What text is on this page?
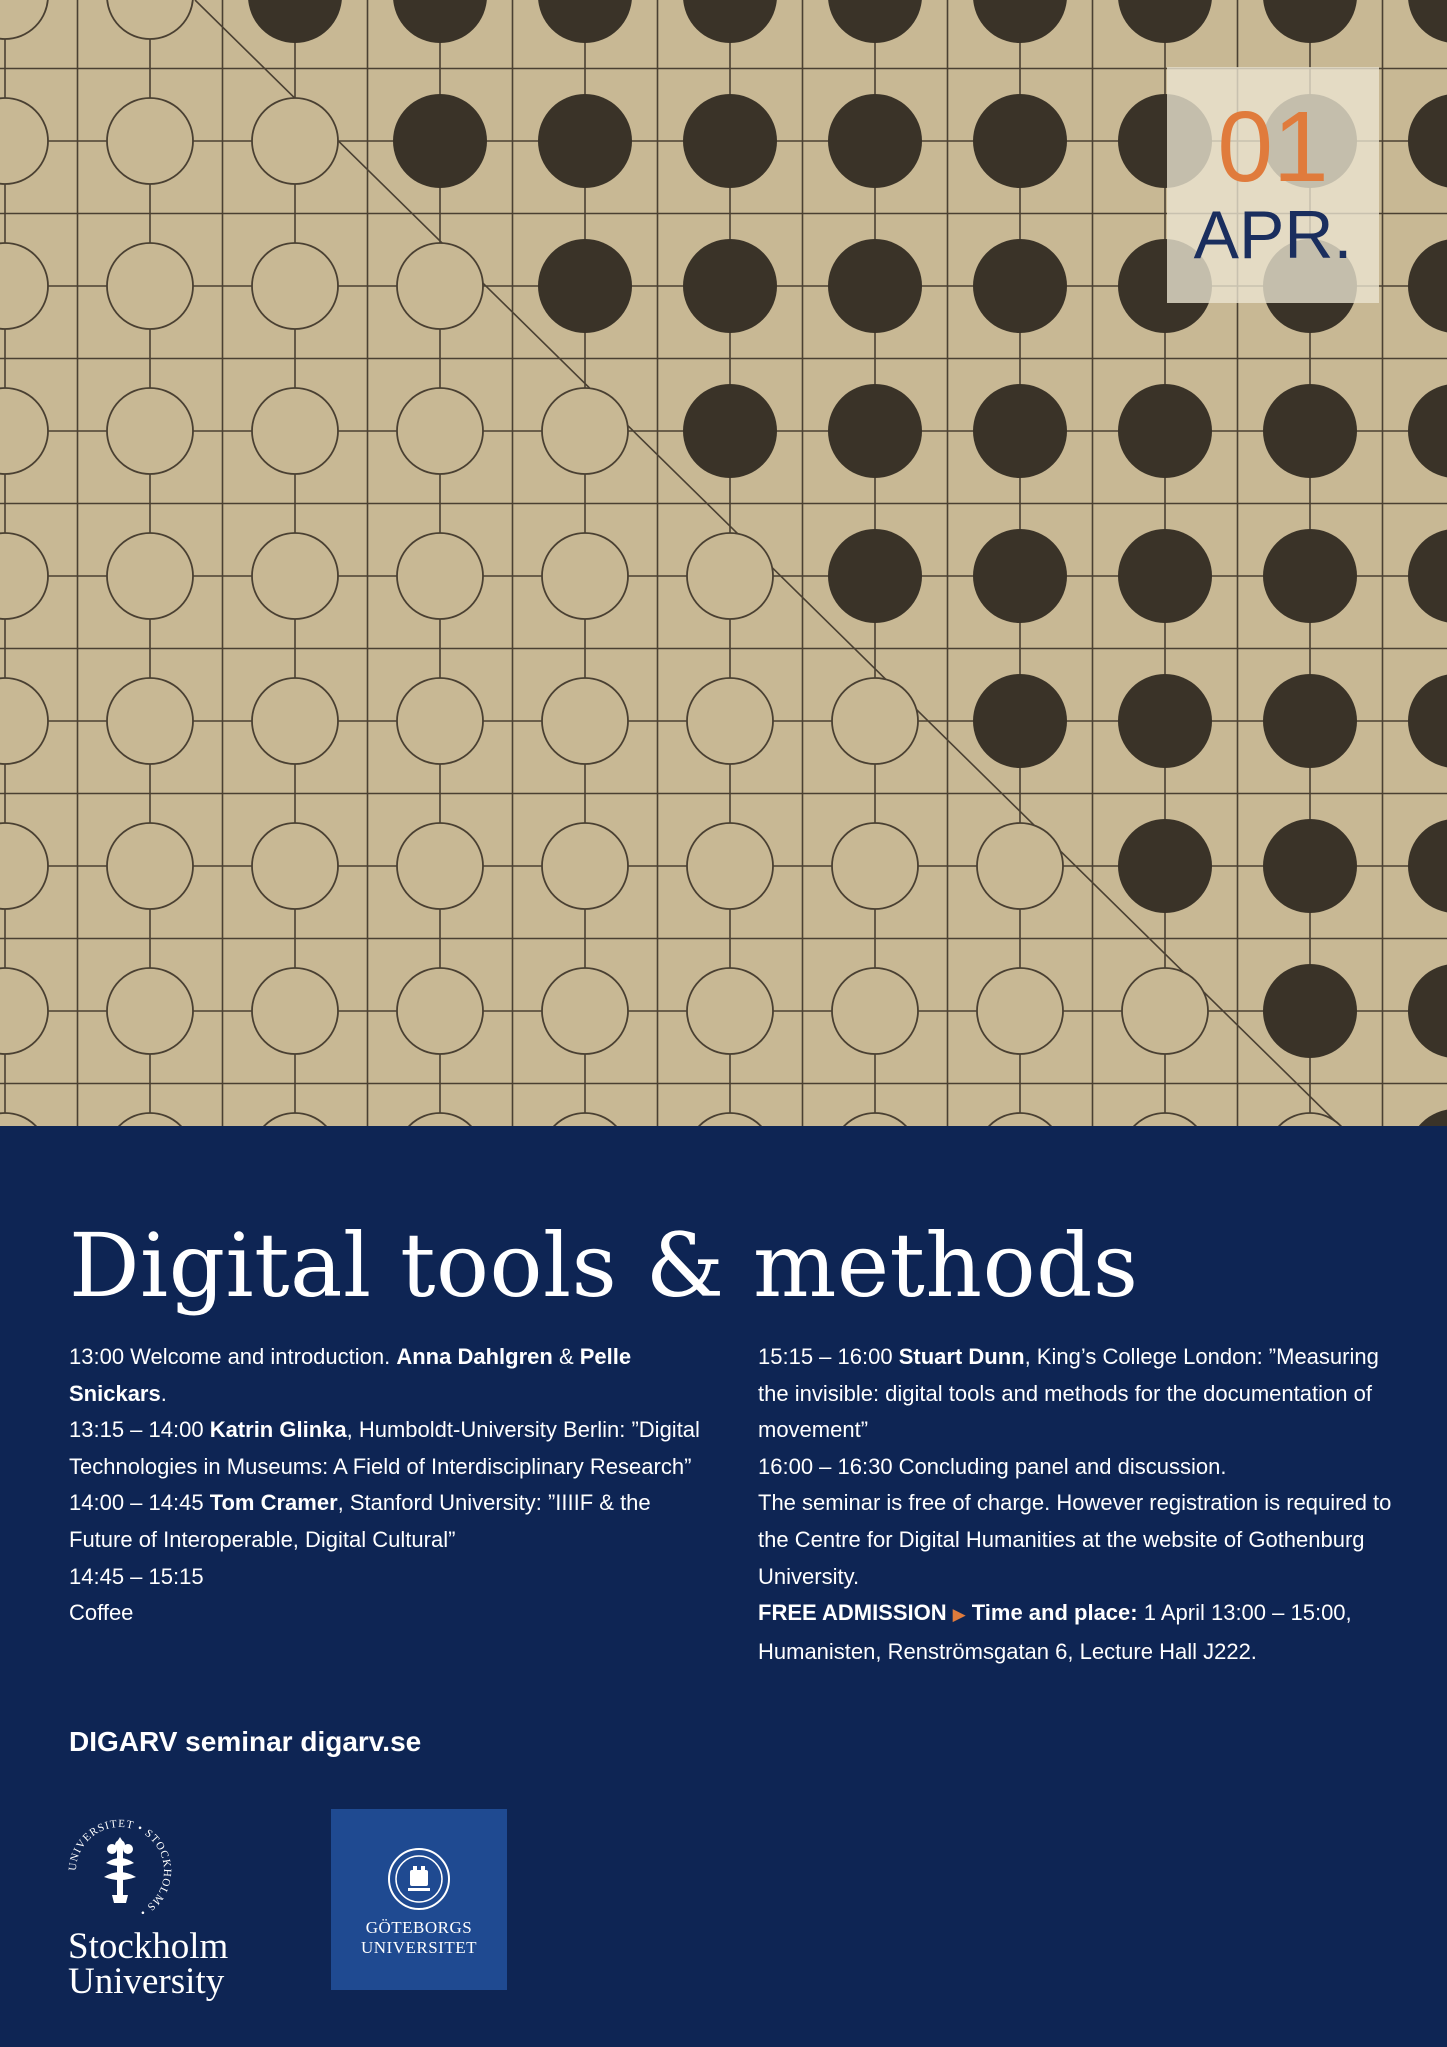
01
APR.
Digital tools & methods

13:00 Welcome and introduction. Anna Dahlgren & Pelle Snickars.

13:15 – 14:00 Katrin Glinka, Humboldt-University Berlin: ”Digital Technologies in Museums: A Field of Interdisciplinary Research”

14:00 – 14:45 Tom Cramer, Stanford University: ”IIIIF & the Future of Interoperable, Digital Cultural”

14:45 – 15:15

Coffee

15:15 – 16:00 Stuart Dunn, King’s College London: ”Measuring the invisible: digital tools and methods for the documentation of movement”

16:00 – 16:30 Concluding panel and discussion.

The seminar is free of charge. However registration is required to the Centre for Digital Humanities at the website of Gothenburg University.

FREE ADMISSION ▶ Time and place: 1 April 13:00 – 15:00, Humanisten, Renströmsgatan 6, Lecture Hall J222.

DIGARV seminar digarv.se
UNIVERSITET • STOCKHOLMS •
Stockholm
University
GÖTEBORGS
UNIVERSITET
